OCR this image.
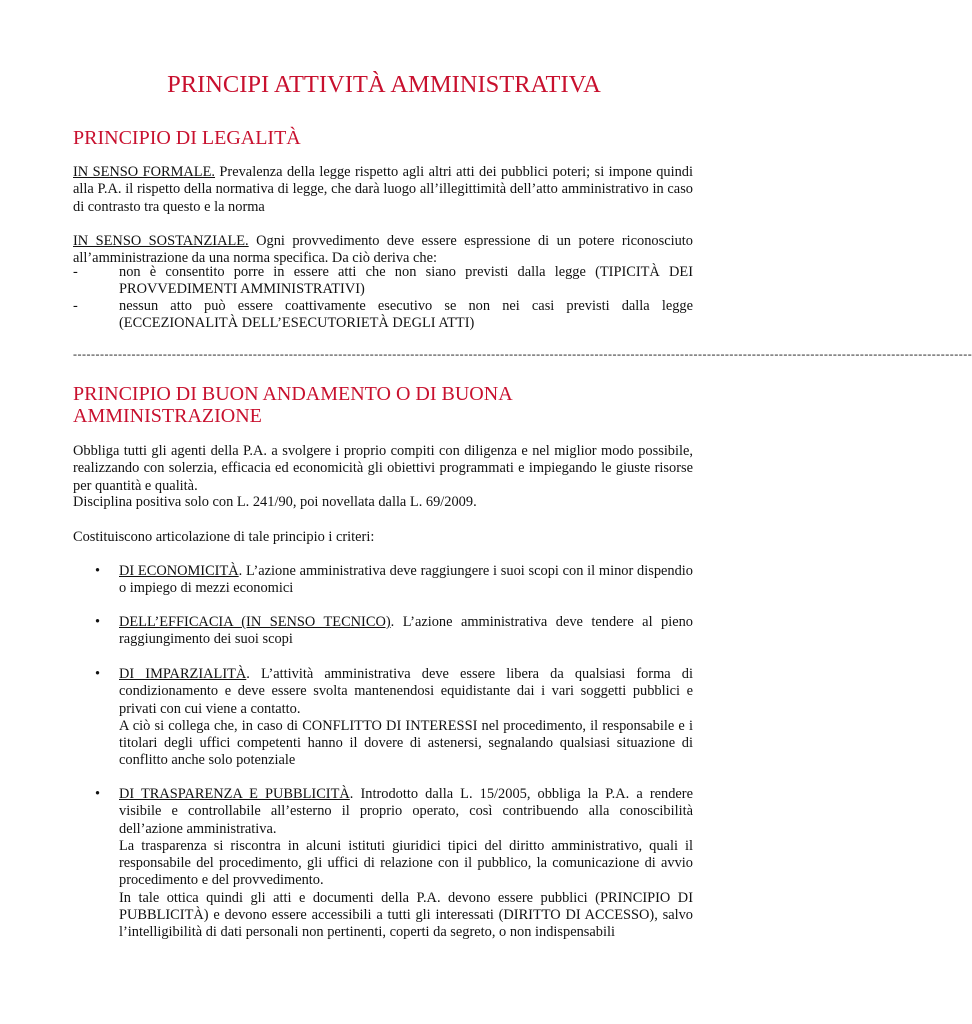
PRINCIPI ATTIVITÀ AMMINISTRATIVA
PRINCIPIO DI LEGALITÀ

IN SENSO FORMALE. Prevalenza della legge rispetto agli altri atti dei pubblici poteri; si impone quindi alla P.A. il rispetto della normativa di legge, che darà luogo all’illegittimità dell’atto amministrativo in caso di contrasto tra questo e la norma

IN SENSO SOSTANZIALE. Ogni provvedimento deve essere espressione di un potere riconosciuto all’amministrazione da una norma specifica. Da ciò deriva che:

-	non è consentito porre in essere atti che non siano previsti dalla legge (TIPICITÀ DEI PROVVEDIMENTI AMMINISTRATIVI)
-	nessun atto può essere coattivamente esecutivo se non nei casi previsti dalla legge (ECCEZIONALITÀ DELL’ESECUTORIETÀ DEGLI ATTI)
--------------------------------------------------------------------------------------------------------------------------------------------------------------------------------------------------------
PRINCIPIO DI BUON ANDAMENTO O DI BUONA
AMMINISTRAZIONE

Obbliga tutti gli agenti della P.A. a svolgere i proprio compiti con diligenza e nel miglior modo possibile, realizzando con solerzia, efficacia ed economicità gli obiettivi programmati e impiegando le giuste risorse per quantità e qualità.

Disciplina positiva solo con L. 241/90, poi novellata dalla L. 69/2009.

Costituiscono articolazione di tale principio i criteri:

• DI ECONOMICITÀ. L’azione amministrativa deve raggiungere i suoi scopi con il minor dispendio o impiego di mezzi economici

• DELL’EFFICACIA (IN SENSO TECNICO). L’azione amministrativa deve tendere al pieno raggiungimento dei suoi scopi

• DI IMPARZIALITÀ. L’attività amministrativa deve essere libera da qualsiasi forma di condizionamento e deve essere svolta mantenendosi equidistante dai i vari soggetti pubblici e privati con cui viene a contatto.

A ciò si collega che, in caso di CONFLITTO DI INTERESSI nel procedimento, il responsabile e i titolari degli uffici competenti hanno il dovere di astenersi, segnalando qualsiasi situazione di conflitto anche solo potenziale

• DI TRASPARENZA E PUBBLICITÀ. Introdotto dalla L. 15/2005, obbliga la P.A. a rendere visibile e controllabile all’esterno il proprio operato, così contribuendo alla conoscibilità dell’azione amministrativa.

La trasparenza si riscontra in alcuni istituti giuridici tipici del diritto amministrativo, quali il responsabile del procedimento, gli uffici di relazione con il pubblico, la comunicazione di avvio procedimento e del provvedimento.

In tale ottica quindi gli atti e documenti della P.A. devono essere pubblici (PRINCIPIO DI PUBBLICITÀ) e devono essere accessibili a tutti gli interessati (DIRITTO DI ACCESSO), salvo l’intelligibilità di dati personali non pertinenti, coperti da segreto, o non indispensabili
